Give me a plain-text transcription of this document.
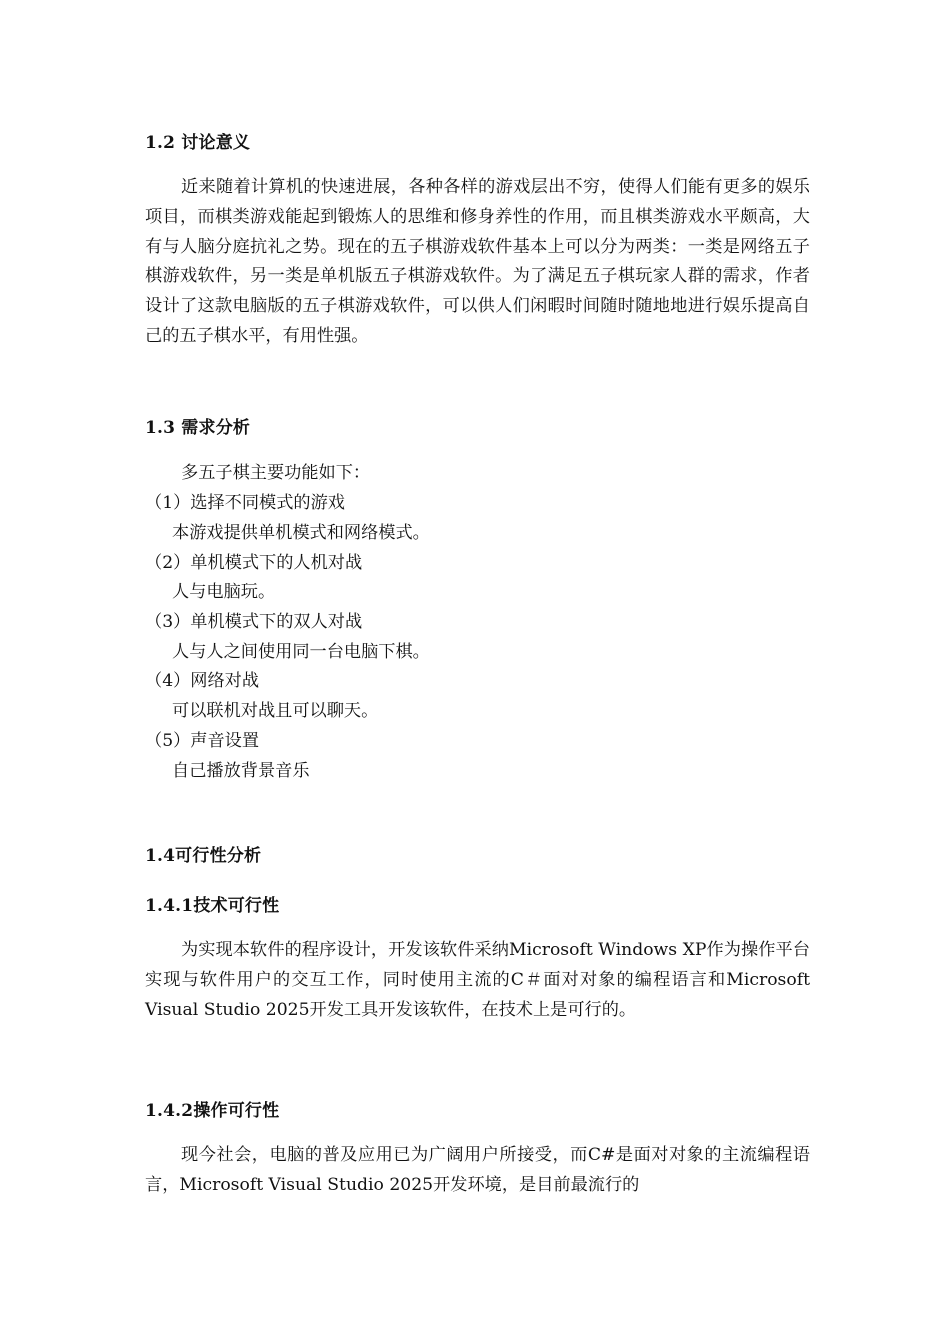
1.2 讨论意义

近来随着计算机的快速进展，各种各样的游戏层出不穷，使得人们能有更多的娱乐项目，而棋类游戏能起到锻炼人的思维和修身养性的作用，而且棋类游戏水平颇高，大有与人脑分庭抗礼之势。现在的五子棋游戏软件基本上可以分为两类：一类是网络五子棋游戏软件，另一类是单机版五子棋游戏软件。为了满足五子棋玩家人群的需求，作者设计了这款电脑版的五子棋游戏软件，可以供人们闲暇时间随时随地地进行娱乐提高自己的五子棋水平，有用性强。

1.3 需求分析
多五子棋主要功能如下：
（1）选择不同模式的游戏
本游戏提供单机模式和网络模式。
（2）单机模式下的人机对战
人与电脑玩。
（3）单机模式下的双人对战
人与人之间使用同一台电脑下棋。
（4）网络对战
可以联机对战且可以聊天。
（5）声音设置
自己播放背景音乐
1.4可行性分析
1.4.1技术可行性

为实现本软件的程序设计，开发该软件采纳Microsoft Windows XP作为操作平台实现与软件用户的交互工作，同时使用主流的C＃面对对象的编程语言和Microsoft Visual Studio 2025开发工具开发该软件，在技术上是可行的。

1.4.2操作可行性

现今社会，电脑的普及应用已为广阔用户所接受，而C#是面对对象的主流编程语言，Microsoft Visual Studio 2025开发环境，是目前最流行的
